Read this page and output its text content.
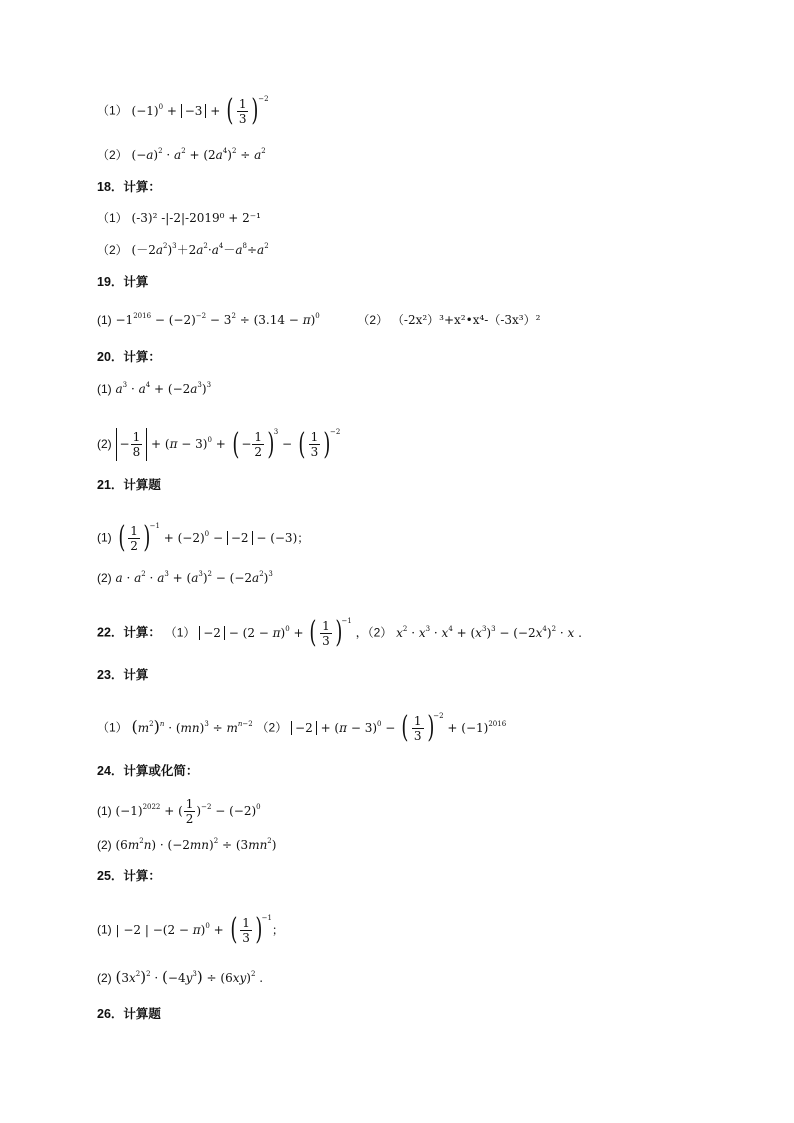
（1） $(-1)^0 + -3$ + ( $\frac{1}{3} )^{-2}$
（2） $(-a)^2 \cdot a^2 + (2a^4)^2 \div a^2$
18．计算：
（1） (-3)² -|-2|-2019⁰ + 2⁻¹
（2） $(-2a^2)^3+2a^2\cdot a^4-a^8\div a^2$
19．计算
$(1) -1^{2016} - (-2)^{-2} - 3^2 \div (3.14 - \pi)^0$	（2） （-2x²）³+x²•x⁴-（-3x³）²
20．计算：
(1) $a^3 \cdot a^4 + (-2a^3)^3$
$(2) - \frac{1}{8} + (\pi - 3)^0$ + ( − $\frac{1}{2} )^3$ − ( $\frac{1}{3} )^{-2}$
21．计算题
(1) ( $\frac{1}{2} )^{-1} + (-2)^0 - -2 - (-3)$；
(2) $a \cdot a^2 \cdot a^3 + (a^3)^2 - (-2a^2)^3$
22．计算： $(1) -2 - (2 - \pi)^0$ + ( $\frac{1}{3} )^{-1}$ ，（2） $x^2 \cdot x^3 \cdot x^4 + (x^3)^3 - (-2x^4)^2 \cdot x$ .
23．计算
（1） $(m^2)^n \cdot (mn)^3 \div m^{n-2}$ $(2) -2 + (\pi - 3)^0$ − ( $\frac{1}{3} )^{-2} + (-1)^{2016}$
24．计算或化简：
(1) $(-1)^{2022}$ + ( $\frac{1}{2} )^{-2} - (-2)^0$
(2) $(6m^2n) \cdot (-2mn)^2 \div (3mn^2)$
25．计算：
(1) | −2 | $-(2 - \pi)^0$ + ( $\frac{1}{3} )^{-1}$；
(2) $(3x^2)^2 \cdot (-4y^3) \div (6xy)^2$ .
26．计算题
